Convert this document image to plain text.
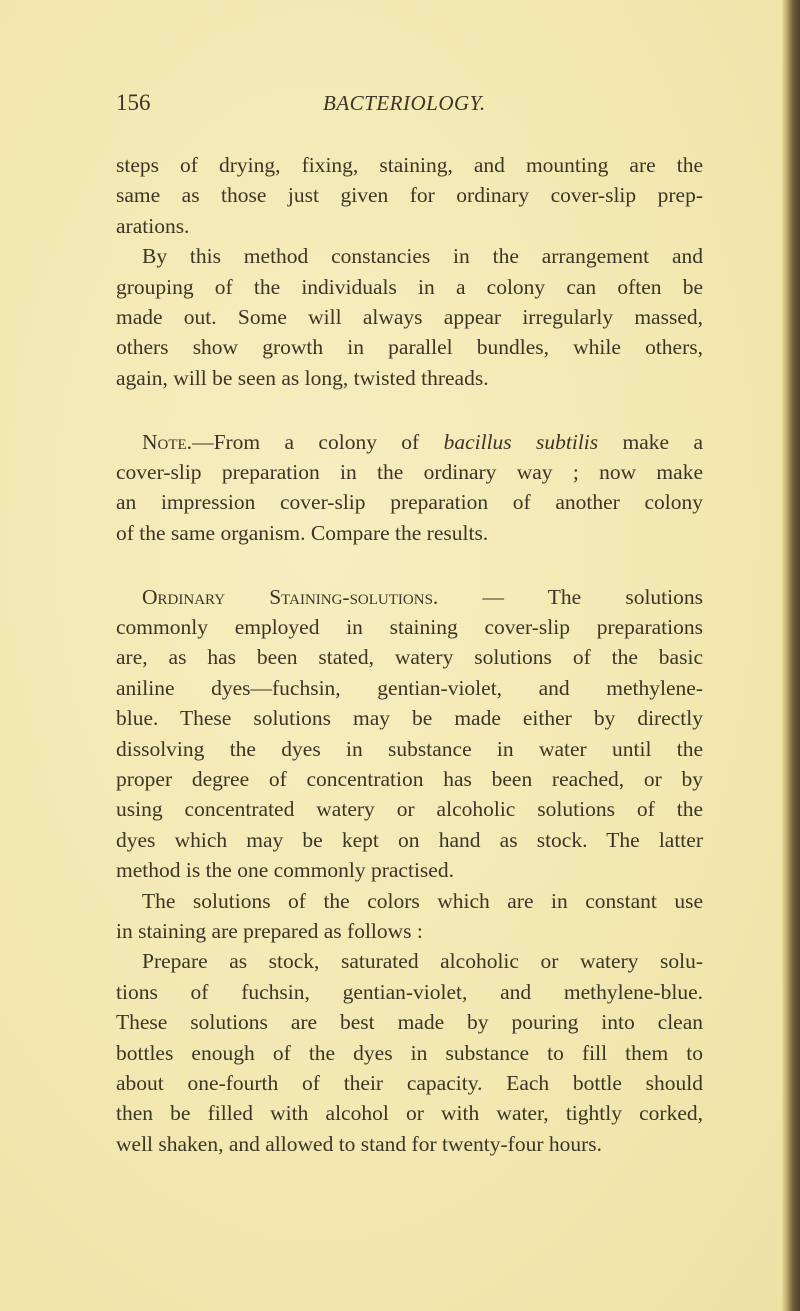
156	BACTERIOLOGY.
steps of drying, fixing, staining, and mounting are the
same as those just given for ordinary cover-slip prep-
arations.
By this method constancies in the arrangement and
grouping of the individuals in a colony can often be
made out. Some will always appear irregularly massed,
others show growth in parallel bundles, while others,
again, will be seen as long, twisted threads.
Note.—From a colony of bacillus subtilis make a
cover-slip preparation in the ordinary way ; now make
an impression cover-slip preparation of another colony
of the same organism. Compare the results.
Ordinary Staining-solutions. — The solutions
commonly employed in staining cover-slip preparations
are, as has been stated, watery solutions of the basic
aniline dyes—fuchsin, gentian-violet, and methylene-
blue. These solutions may be made either by directly
dissolving the dyes in substance in water until the
proper degree of concentration has been reached, or by
using concentrated watery or alcoholic solutions of the
dyes which may be kept on hand as stock. The latter
method is the one commonly practised.
The solutions of the colors which are in constant use
in staining are prepared as follows :
Prepare as stock, saturated alcoholic or watery solu-
tions of fuchsin, gentian-violet, and methylene-blue.
These solutions are best made by pouring into clean
bottles enough of the dyes in substance to fill them to
about one-fourth of their capacity. Each bottle should
then be filled with alcohol or with water, tightly corked,
well shaken, and allowed to stand for twenty-four hours.
